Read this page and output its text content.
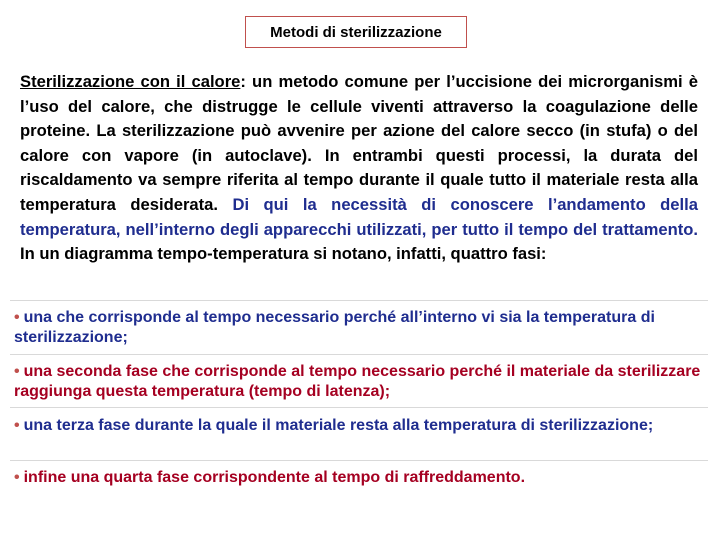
Metodi di sterilizzazione
Sterilizzazione con il calore: un metodo comune per l’uccisione dei microrganismi è l’uso del calore, che distrugge le cellule viventi attraverso la coagulazione delle proteine. La sterilizzazione può avvenire per azione del calore secco (in stufa) o del calore con vapore (in autoclave). In entrambi questi processi, la durata del riscaldamento va sempre riferita al tempo durante il quale tutto il materiale resta alla temperatura desiderata. Di qui la necessità di conoscere l’andamento della temperatura, nell’interno degli apparecchi utilizzati, per tutto il tempo del trattamento. In un diagramma tempo-temperatura si notano, infatti, quattro fasi:
• una che corrisponde al tempo necessario perché all’interno vi sia la temperatura di sterilizzazione;
• una seconda fase che corrisponde al tempo necessario perché il materiale da sterilizzare raggiunga questa temperatura (tempo di latenza);
• una terza fase durante la quale il materiale resta alla temperatura di sterilizzazione;
• infine una quarta fase corrispondente al tempo di raffreddamento.
